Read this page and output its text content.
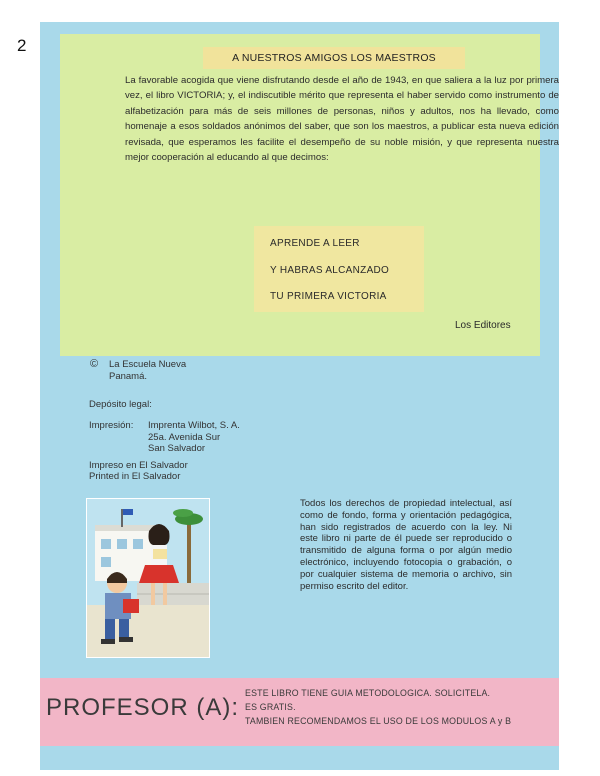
2
A NUESTROS AMIGOS LOS MAESTROS

La favorable acogida que viene disfrutando desde el año de 1943, en que saliera a la luz por primera vez, el libro VICTORIA; y, el indiscutible mérito que representa el haber servido como instrumento de alfabetización para más de seis millones de personas, niños y adultos, nos ha llevado, como homenaje a esos soldados anónimos del saber, que son los maestros, a publicar esta nueva edición revisada, que esperamos les facilite el desempeño de su noble misión, y que representa nuestra mejor cooperación al educando al que decimos:

APRENDE A LEER
Y HABRAS ALCANZADO
TU PRIMERA VICTORIA
Los Editores
© La Escuela Nueva
Panamá.
Depósito legal:
Impresión: Imprenta Wilbot, S. A.
25a. Avenida Sur
San Salvador
Impreso en El Salvador
Printed in El Salvador

Todos los derechos de propiedad intelectual, así como de fondo, forma y orientación pedagógica, han sido registrados de acuerdo con la ley. Ni este libro ni parte de él puede ser reproducido o transmitido de alguna forma o por algún medio electrónico, incluyendo fotocopia o grabación, o por cualquier sistema de memoria o archivo, sin permiso escrito del editor.

PROFESOR (A):
ESTE LIBRO TIENE GUIA METODOLOGICA. SOLICITELA.
ES GRATIS.
TAMBIEN RECOMENDAMOS EL USO DE LOS MODULOS A y B
